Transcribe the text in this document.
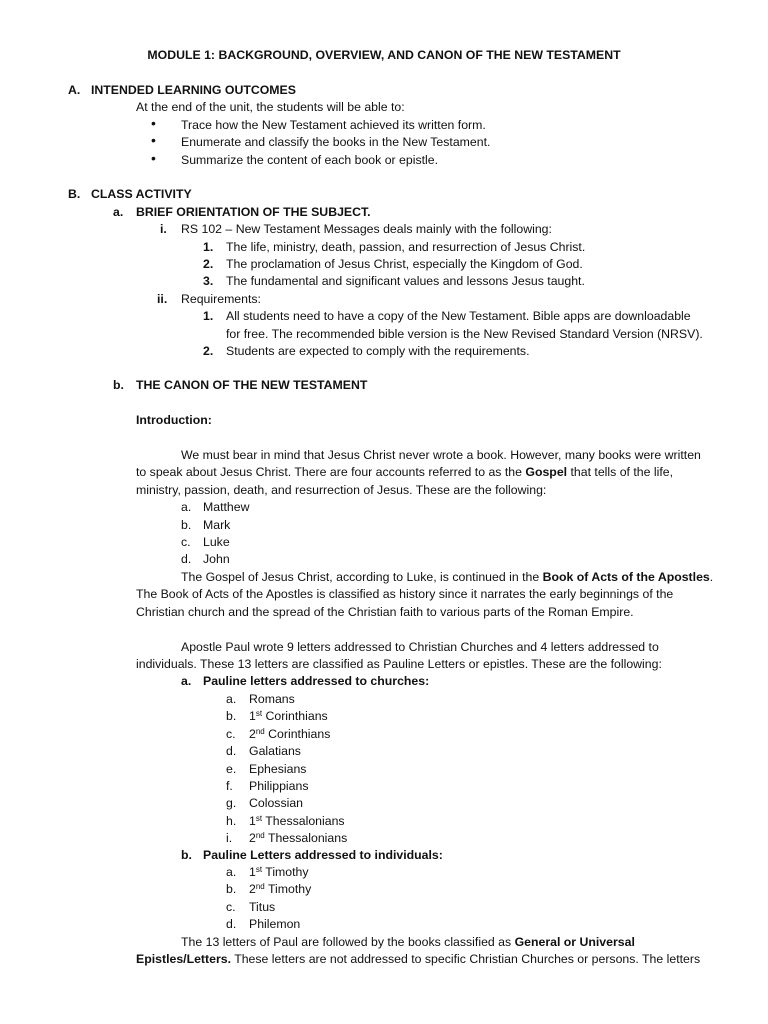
MODULE 1: BACKGROUND, OVERVIEW, AND CANON OF THE NEW TESTAMENT
A. INTENDED LEARNING OUTCOMES
At the end of the unit, the students will be able to:
• Trace how the New Testament achieved its written form.
• Enumerate and classify the books in the New Testament.
• Summarize the content of each book or epistle.
B. CLASS ACTIVITY
a. BRIEF ORIENTATION OF THE SUBJECT.
i. RS 102 – New Testament Messages deals mainly with the following:
1. The life, ministry, death, passion, and resurrection of Jesus Christ.
2. The proclamation of Jesus Christ, especially the Kingdom of God.
3. The fundamental and significant values and lessons Jesus taught.
ii. Requirements:
1. All students need to have a copy of the New Testament. Bible apps are downloadable
for free. The recommended bible version is the New Revised Standard Version (NRSV).
2. Students are expected to comply with the requirements.
b. THE CANON OF THE NEW TESTAMENT
Introduction:
We must bear in mind that Jesus Christ never wrote a book. However, many books were written
to speak about Jesus Christ. There are four accounts referred to as the Gospel that tells of the life,
ministry, passion, death, and resurrection of Jesus. These are the following:
a. Matthew
b. Mark
c. Luke
d. John
The Gospel of Jesus Christ, according to Luke, is continued in the Book of Acts of the Apostles.
The Book of Acts of the Apostles is classified as history since it narrates the early beginnings of the
Christian church and the spread of the Christian faith to various parts of the Roman Empire.
Apostle Paul wrote 9 letters addressed to Christian Churches and 4 letters addressed to
individuals. These 13 letters are classified as Pauline Letters or epistles. These are the following:
a. Pauline letters addressed to churches:
a. Romans
b. 1st Corinthians
c. 2nd Corinthians
d. Galatians
e. Ephesians
f. Philippians
g. Colossian
h. 1st Thessalonians
i. 2nd Thessalonians
b. Pauline Letters addressed to individuals:
a. 1st Timothy
b. 2nd Timothy
c. Titus
d. Philemon
The 13 letters of Paul are followed by the books classified as General or Universal
Epistles/Letters. These letters are not addressed to specific Christian Churches or persons. The letters
